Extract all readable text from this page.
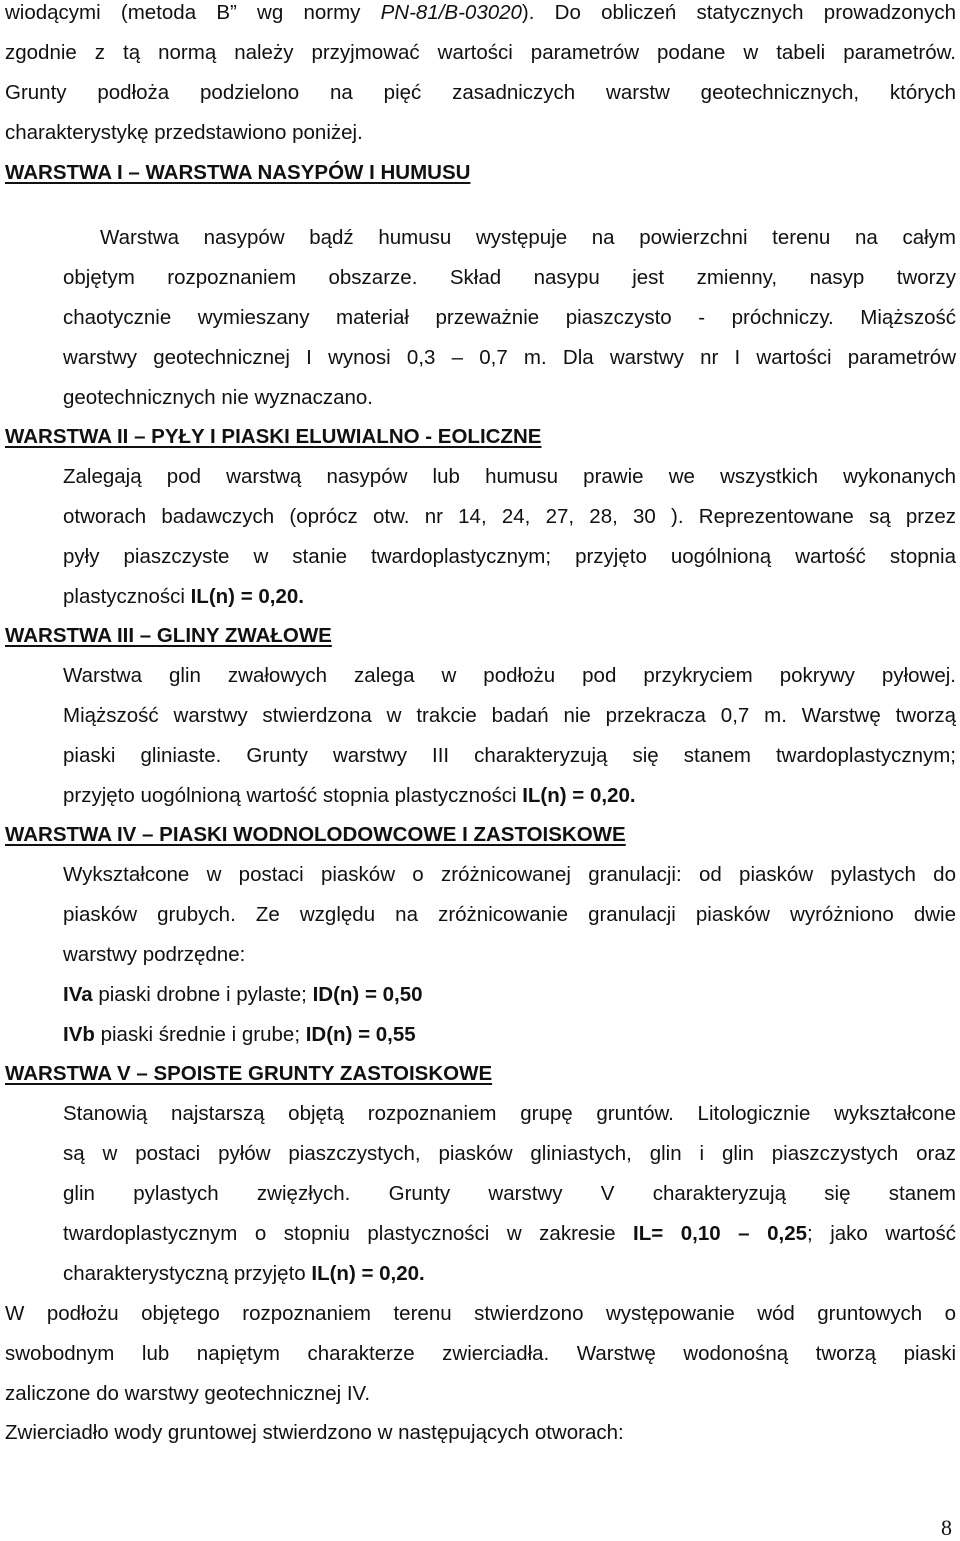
wiodącymi (metoda B” wg normy PN-81/B-03020). Do obliczeń statycznych prowadzonych
zgodnie z tą normą należy przyjmować wartości parametrów podane w tabeli parametrów.
Grunty podłoża podzielono na pięć zasadniczych warstw geotechnicznych, których
charakterystykę przedstawiono poniżej.
WARSTWA I – WARSTWA NASYPÓW I HUMUSU
Warstwa nasypów bądź humusu występuje na powierzchni terenu na całym
objętym rozpoznaniem obszarze. Skład nasypu jest zmienny, nasyp tworzy
chaotycznie wymieszany materiał przeważnie piaszczysto - próchniczy. Miąższość
warstwy geotechnicznej I wynosi 0,3 – 0,7 m. Dla warstwy nr I wartości parametrów
geotechnicznych nie wyznaczano.
WARSTWA II – PYŁY I PIASKI ELUWIALNO - EOLICZNE
Zalegają pod warstwą nasypów lub humusu prawie we wszystkich wykonanych
otworach badawczych (oprócz otw. nr 14, 24, 27, 28, 30 ). Reprezentowane są przez
pyły piaszczyste w stanie twardoplastycznym; przyjęto uogólnioną wartość stopnia
plastyczności IL(n) = 0,20.
WARSTWA III – GLINY ZWAŁOWE
Warstwa glin zwałowych zalega w podłożu pod przykryciem pokrywy pyłowej.
Miąższość warstwy stwierdzona w trakcie badań nie przekracza 0,7 m. Warstwę tworzą
piaski gliniaste. Grunty warstwy III charakteryzują się stanem twardoplastycznym;
przyjęto uogólnioną wartość stopnia plastyczności IL(n) = 0,20.
WARSTWA IV – PIASKI WODNOLODOWCOWE I ZASTOISKOWE
Wykształcone w postaci piasków o zróżnicowanej granulacji: od piasków pylastych do
piasków grubych. Ze względu na zróżnicowanie granulacji piasków wyróżniono dwie
warstwy podrzędne:
IVa piaski drobne i pylaste; ID(n) = 0,50
IVb piaski średnie i grube; ID(n) = 0,55
WARSTWA V – SPOISTE GRUNTY ZASTOISKOWE
Stanowią najstarszą objętą rozpoznaniem grupę gruntów. Litologicznie wykształcone
są w postaci pyłów piaszczystych, piasków gliniastych, glin i glin piaszczystych oraz
glin pylastych zwięzłych. Grunty warstwy V charakteryzują się stanem
twardoplastycznym o stopniu plastyczności w zakresie IL= 0,10 – 0,25; jako wartość
charakterystyczną przyjęto IL(n) = 0,20.
W podłożu objętego rozpoznaniem terenu stwierdzono występowanie wód gruntowych o
swobodnym lub napiętym charakterze zwierciadła. Warstwę wodonośną tworzą piaski
zaliczone do warstwy geotechnicznej IV.
Zwierciadło wody gruntowej stwierdzono w następujących otworach:
8
